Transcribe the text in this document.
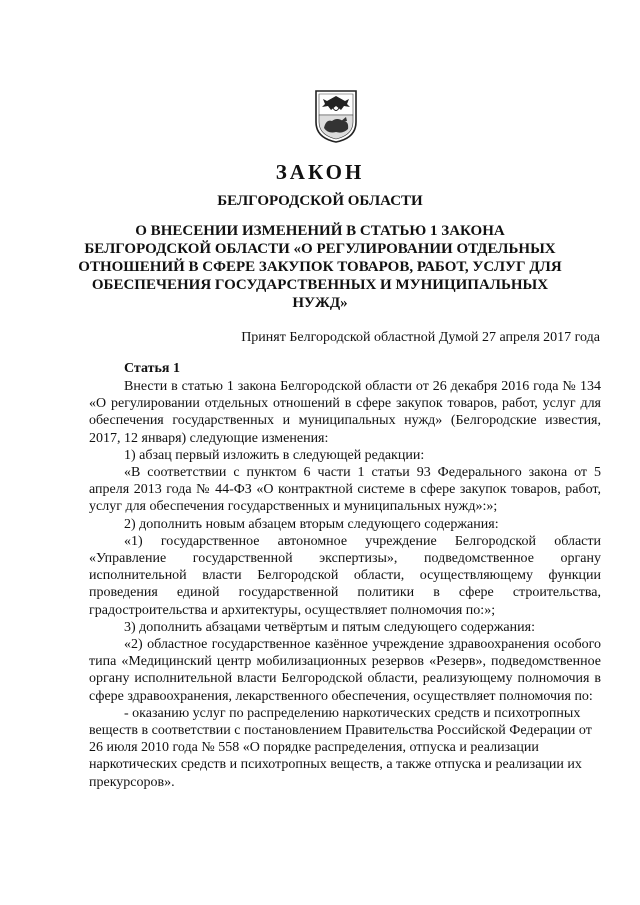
ЗАКОН
БЕЛГОРОДСКОЙ ОБЛАСТИ
О ВНЕСЕНИИ ИЗМЕНЕНИЙ В СТАТЬЮ 1 ЗАКОНА
БЕЛГОРОДСКОЙ ОБЛАСТИ «О РЕГУЛИРОВАНИИ ОТДЕЛЬНЫХ
ОТНОШЕНИЙ В СФЕРЕ ЗАКУПОК ТОВАРОВ, РАБОТ, УСЛУГ ДЛЯ
ОБЕСПЕЧЕНИЯ ГОСУДАРСТВЕННЫХ И МУНИЦИПАЛЬНЫХ
НУЖД»
Принят Белгородской областной Думой 27 апреля 2017 года
Статья 1

Внести в статью 1 закона Белгородской области от 26 декабря 2016 года № 134 «О регулировании отдельных отношений в сфере закупок товаров, работ, услуг для обеспечения государственных и муниципальных нужд» (Белгородские известия, 2017, 12 января) следующие изменения:

1) абзац первый изложить в следующей редакции:

«В соответствии с пунктом 6 части 1 статьи 93 Федерального закона от 5 апреля 2013 года № 44-ФЗ «О контрактной системе в сфере закупок товаров, работ, услуг для обеспечения государственных и муниципальных нужд»:»;

2) дополнить новым абзацем вторым следующего содержания:

«1) государственное автономное учреждение Белгородской области «Управление государственной экспертизы», подведомственное органу исполнительной власти Белгородской области, осуществляющему функции проведения единой государственной политики в сфере строительства, градостроительства и архитектуры, осуществляет полномочия по:»;

3) дополнить абзацами четвёртым и пятым следующего содержания:

«2) областное государственное казённое учреждение здравоохранения особого типа «Медицинский центр мобилизационных резервов «Резерв», подведомственное органу исполнительной власти Белгородской области, реализующему полномочия в сфере здравоохранения, лекарственного обеспечения, осуществляет полномочия по:

- оказанию услуг по распределению наркотических средств и психотропных веществ в соответствии с постановлением Правительства Российской Федерации от 26 июля 2010 года № 558 «О порядке распределения, отпуска и реализации наркотических средств и психотропных веществ, а также отпуска и реализации их прекурсоров».
